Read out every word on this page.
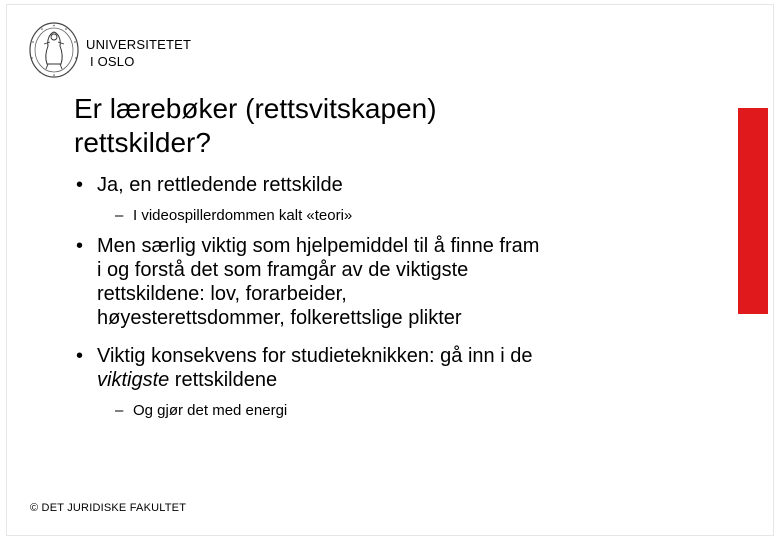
UNIVERSITETET
I OSLO
Er lærebøker (rettsvitskapen)
rettskilder?
• Ja, en rettledende rettskilde
– I videospillerdommen kalt «teori»
• Men særlig viktig som hjelpemiddel til å finne fram
i og forstå det som framgår av de viktigste
rettskildene: lov, forarbeider,
høyesterettsdommer, folkerettslige plikter
• Viktig konsekvens for studieteknikken: gå inn i de
viktigste rettskildene
– Og gjør det med energi
© DET JURIDISKE FAKULTET
